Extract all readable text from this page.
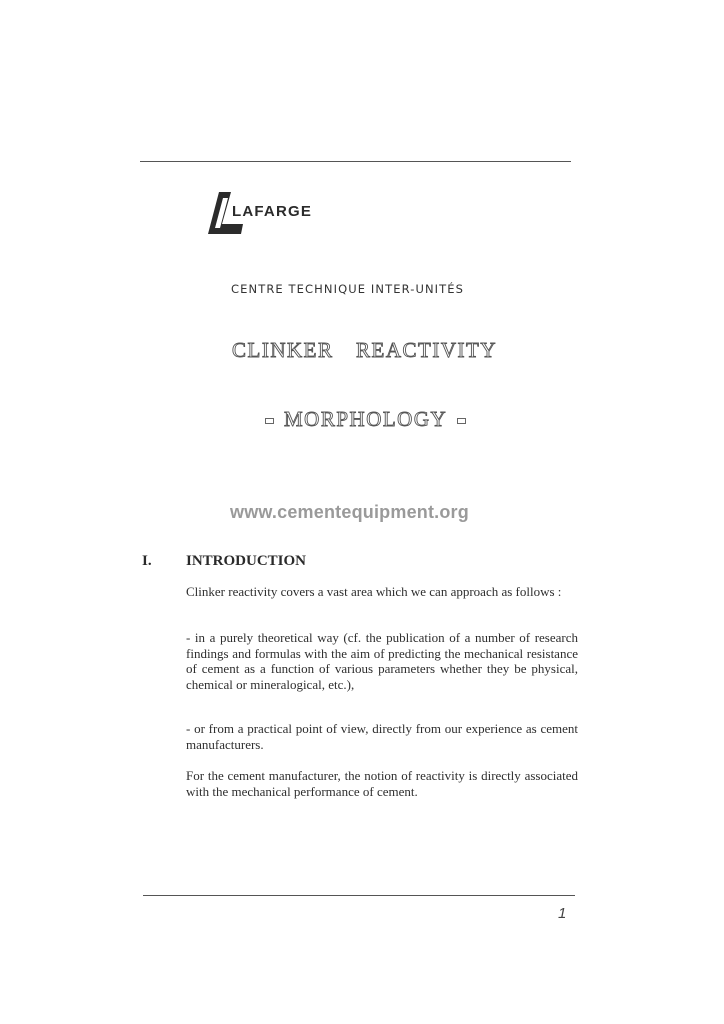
LAFARGE
CENTRE TECHNIQUE INTER-UNITÉS
CLINKER REACTIVITY
MORPHOLOGY
www.cementequipment.org
I. INTRODUCTION
Clinker reactivity covers a vast area which we can approach as follows :
- in a purely theoretical way (cf. the publication of a number of research findings and formulas with the aim of predicting the mechanical resistance of cement as a function of various parameters whether they be physical, chemical or mineralogical, etc.),
- or from a practical point of view, directly from our experience as cement manufacturers.
For the cement manufacturer, the notion of reactivity is directly associated with the mechanical performance of cement.
1
